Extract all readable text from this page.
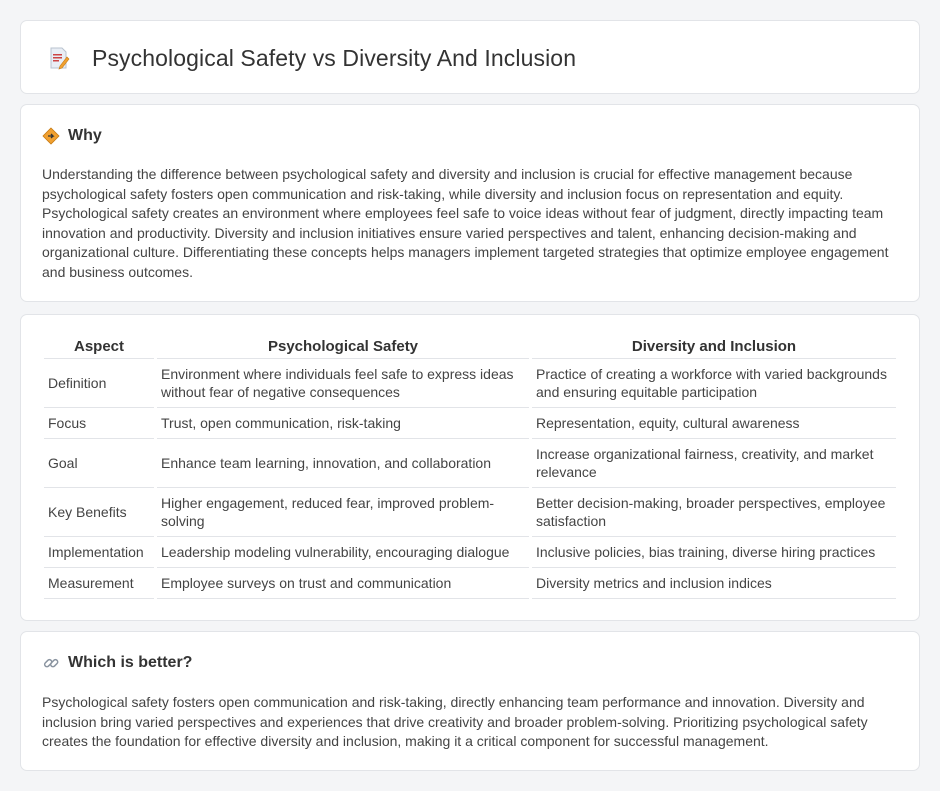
Psychological Safety vs Diversity And Inclusion
Why

Understanding the difference between psychological safety and diversity and inclusion is crucial for effective management because psychological safety fosters open communication and risk-taking, while diversity and inclusion focus on representation and equity. Psychological safety creates an environment where employees feel safe to voice ideas without fear of judgment, directly impacting team innovation and productivity. Diversity and inclusion initiatives ensure varied perspectives and talent, enhancing decision-making and organizational culture. Differentiating these concepts helps managers implement targeted strategies that optimize employee engagement and business outcomes.

Aspect	Psychological Safety	Diversity and Inclusion
Definition	Environment where individuals feel safe to express ideas without fear of negative consequences	Practice of creating a workforce with varied backgrounds and ensuring equitable participation
Focus	Trust, open communication, risk-taking	Representation, equity, cultural awareness
Goal	Enhance team learning, innovation, and collaboration	Increase organizational fairness, creativity, and market relevance
Key Benefits	Higher engagement, reduced fear, improved problem-solving	Better decision-making, broader perspectives, employee satisfaction
Implementation	Leadership modeling vulnerability, encouraging dialogue	Inclusive policies, bias training, diverse hiring practices
Measurement	Employee surveys on trust and communication	Diversity metrics and inclusion indices
Which is better?

Psychological safety fosters open communication and risk-taking, directly enhancing team performance and innovation. Diversity and inclusion bring varied perspectives and experiences that drive creativity and broader problem-solving. Prioritizing psychological safety creates the foundation for effective diversity and inclusion, making it a critical component for successful management.
